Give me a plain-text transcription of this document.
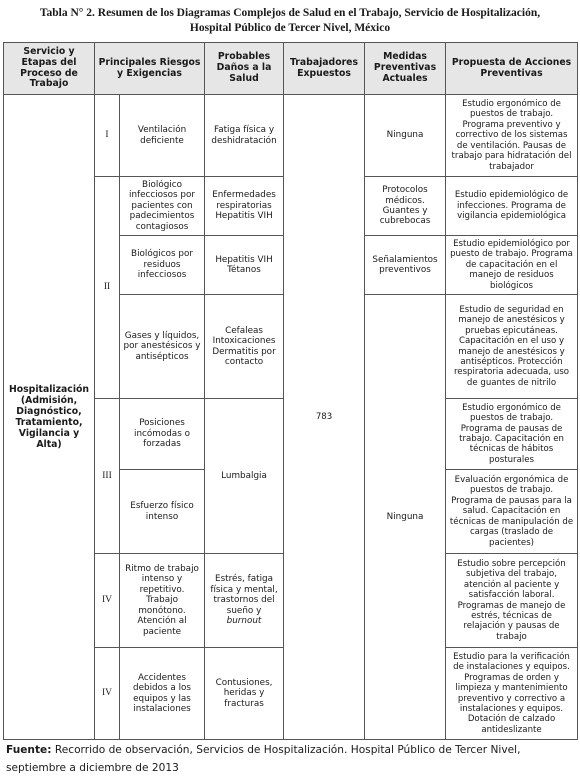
Tabla N° 2. Resumen de los Diagramas Complejos de Salud en el Trabajo, Servicio de Hospitalización,
Hospital Público de Tercer Nivel, México
Servicio y Etapas del Proceso de Trabajo	Principales Riesgos y Exigencias		Probables Daños a la Salud	Trabajadores Expuestos	Medidas Preventivas Actuales	Propuesta de Acciones Preventivas
Hospitalización (Admisión, Diagnóstico, Tratamiento, Vigilancia y Alta)	I	Ventilación deficiente	Fatiga física y deshidratación	783	Ninguna	Estudio ergonómico de puestos de trabajo. Programa preventivo y correctivo de los sistemas de ventilación. Pausas de trabajo para hidratación del trabajador
	II	Biológico infecciosos por pacientes con padecimientos contagiosos	Enfermedades respiratorias Hepatitis VIH		Protocolos médicos. Guantes y cubrebocas	Estudio epidemiológico de infecciones. Programa de vigilancia epidemiológica
		Biológicos por residuos infecciosos	Hepatitis VIH Tétanos		Señalamientos preventivos	Estudio epidemiológico por puesto de trabajo. Programa de capacitación en el manejo de residuos biológicos
		Gases y líquidos, por anestésicos y antisépticos	Cefaleas Intoxicaciones Dermatitis por contacto		Ninguna	Estudio de seguridad en manejo de anestésicos y pruebas epicutáneas. Capacitación en el uso y manejo de anestésicos y antisépticos. Protección respiratoria adecuada, uso de guantes de nitrilo
	III	Posiciones incómodas o forzadas	Lumbalgia			Estudio ergonómico de puestos de trabajo. Programa de pausas de trabajo. Capacitación en técnicas de hábitos posturales
		Esfuerzo físico intenso				Evaluación ergonómica de puestos de trabajo. Programa de pausas para la salud. Capacitación en técnicas de manipulación de cargas (traslado de pacientes)
	IV	Ritmo de trabajo intenso y repetitivo. Trabajo monótono. Atención al paciente	Estrés, fatiga física y mental, trastornos del sueño y burnout			Estudio sobre percepción subjetiva del trabajo, atención al paciente y satisfacción laboral. Programas de manejo de estrés, técnicas de relajación y pausas de trabajo
	IV	Accidentes debidos a los equipos y las instalaciones	Contusiones, heridas y fracturas			Estudio para la verificación de instalaciones y equipos. Programas de orden y limpieza y mantenimiento preventivo y correctivo a instalaciones y equipos. Dotación de calzado antideslizante
Fuente: Recorrido de observación, Servicios de Hospitalización. Hospital Público de Tercer Nivel, septiembre a diciembre de 2013
